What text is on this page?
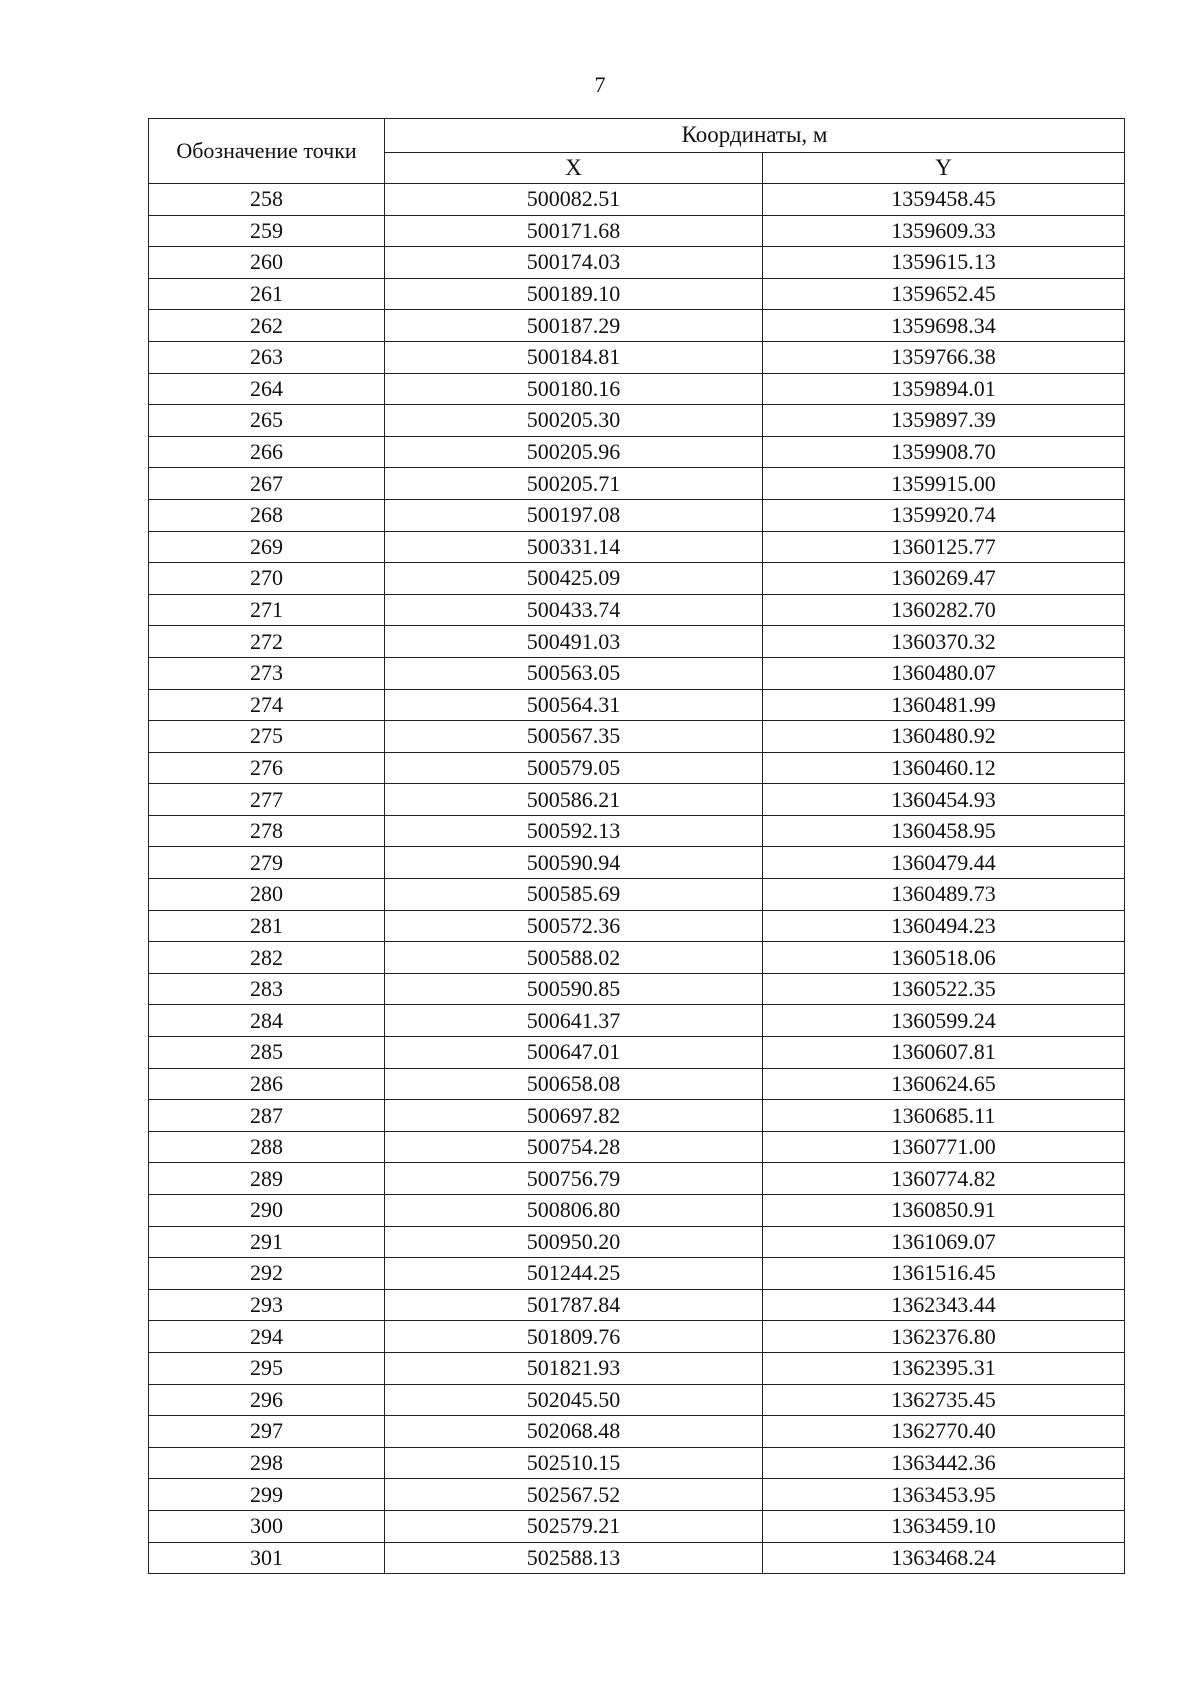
7
Обозначение точки	Координаты, м	
	X	Y
258	500082.51	1359458.45
259	500171.68	1359609.33
260	500174.03	1359615.13
261	500189.10	1359652.45
262	500187.29	1359698.34
263	500184.81	1359766.38
264	500180.16	1359894.01
265	500205.30	1359897.39
266	500205.96	1359908.70
267	500205.71	1359915.00
268	500197.08	1359920.74
269	500331.14	1360125.77
270	500425.09	1360269.47
271	500433.74	1360282.70
272	500491.03	1360370.32
273	500563.05	1360480.07
274	500564.31	1360481.99
275	500567.35	1360480.92
276	500579.05	1360460.12
277	500586.21	1360454.93
278	500592.13	1360458.95
279	500590.94	1360479.44
280	500585.69	1360489.73
281	500572.36	1360494.23
282	500588.02	1360518.06
283	500590.85	1360522.35
284	500641.37	1360599.24
285	500647.01	1360607.81
286	500658.08	1360624.65
287	500697.82	1360685.11
288	500754.28	1360771.00
289	500756.79	1360774.82
290	500806.80	1360850.91
291	500950.20	1361069.07
292	501244.25	1361516.45
293	501787.84	1362343.44
294	501809.76	1362376.80
295	501821.93	1362395.31
296	502045.50	1362735.45
297	502068.48	1362770.40
298	502510.15	1363442.36
299	502567.52	1363453.95
300	502579.21	1363459.10
301	502588.13	1363468.24
